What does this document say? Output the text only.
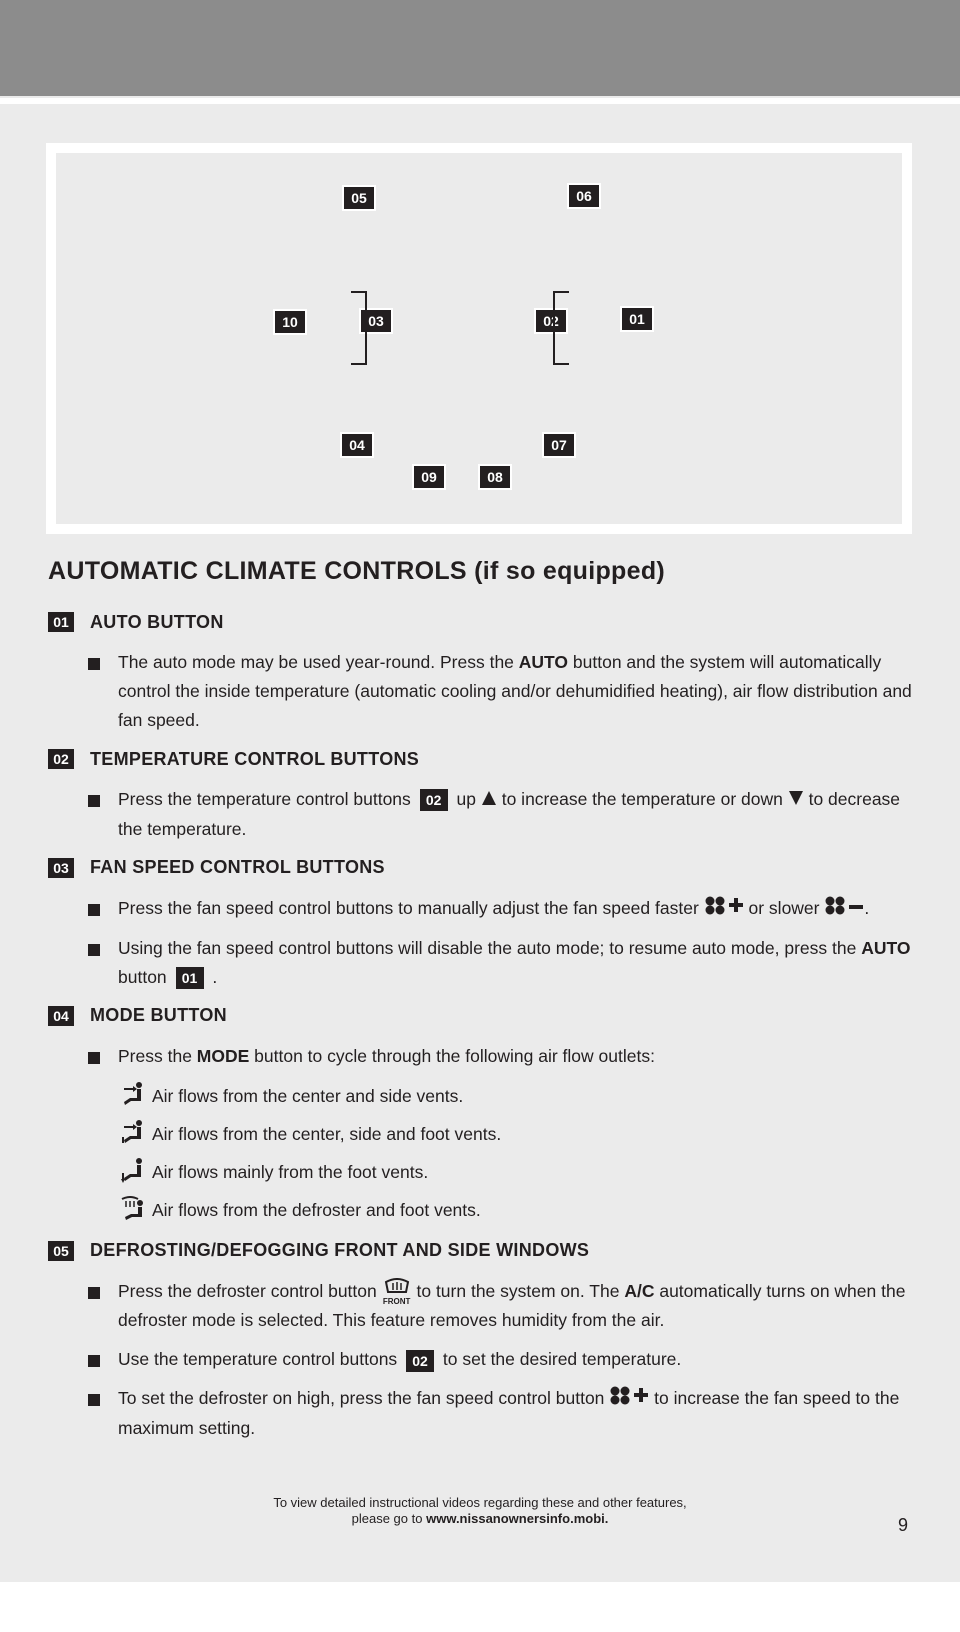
05	06
10	03	02	01
04	07
09	08
AUTOMATIC CLIMATE CONTROLS (if so equipped)
01 AUTO BUTTON
The auto mode may be used year-round. Press the AUTO button and the system will automatically control the inside temperature (automatic cooling and/or dehumidified heating), air flow distribution and fan speed.
02 TEMPERATURE CONTROL BUTTONS
Press the temperature control buttons 02 up  to increase the temperature or down  to decrease the temperature.
03 FAN SPEED CONTROL BUTTONS
Press the fan speed control buttons to manually adjust the fan speed faster  or slower .
Using the fan speed control buttons will disable the auto mode; to resume auto mode, press the AUTO button 01 .
04 MODE BUTTON
Press the MODE button to cycle through the following air flow outlets:
Air flows from the center and side vents.
Air flows from the center, side and foot vents.
Air flows mainly from the foot vents.
Air flows from the defroster and foot vents.
05 DEFROSTING/DEFOGGING FRONT AND SIDE WINDOWS
Press the defroster control button
FRONT to turn the system on. The A/C automatically turns on when the defroster mode is selected. This feature removes humidity from the air.
Use the temperature control buttons 02 to set the desired temperature.
To set the defroster on high, press the fan speed control button  to increase the fan speed to the maximum setting.
To view detailed instructional videos regarding these and other features,
please go to www.nissanownersinfo.mobi.	9
